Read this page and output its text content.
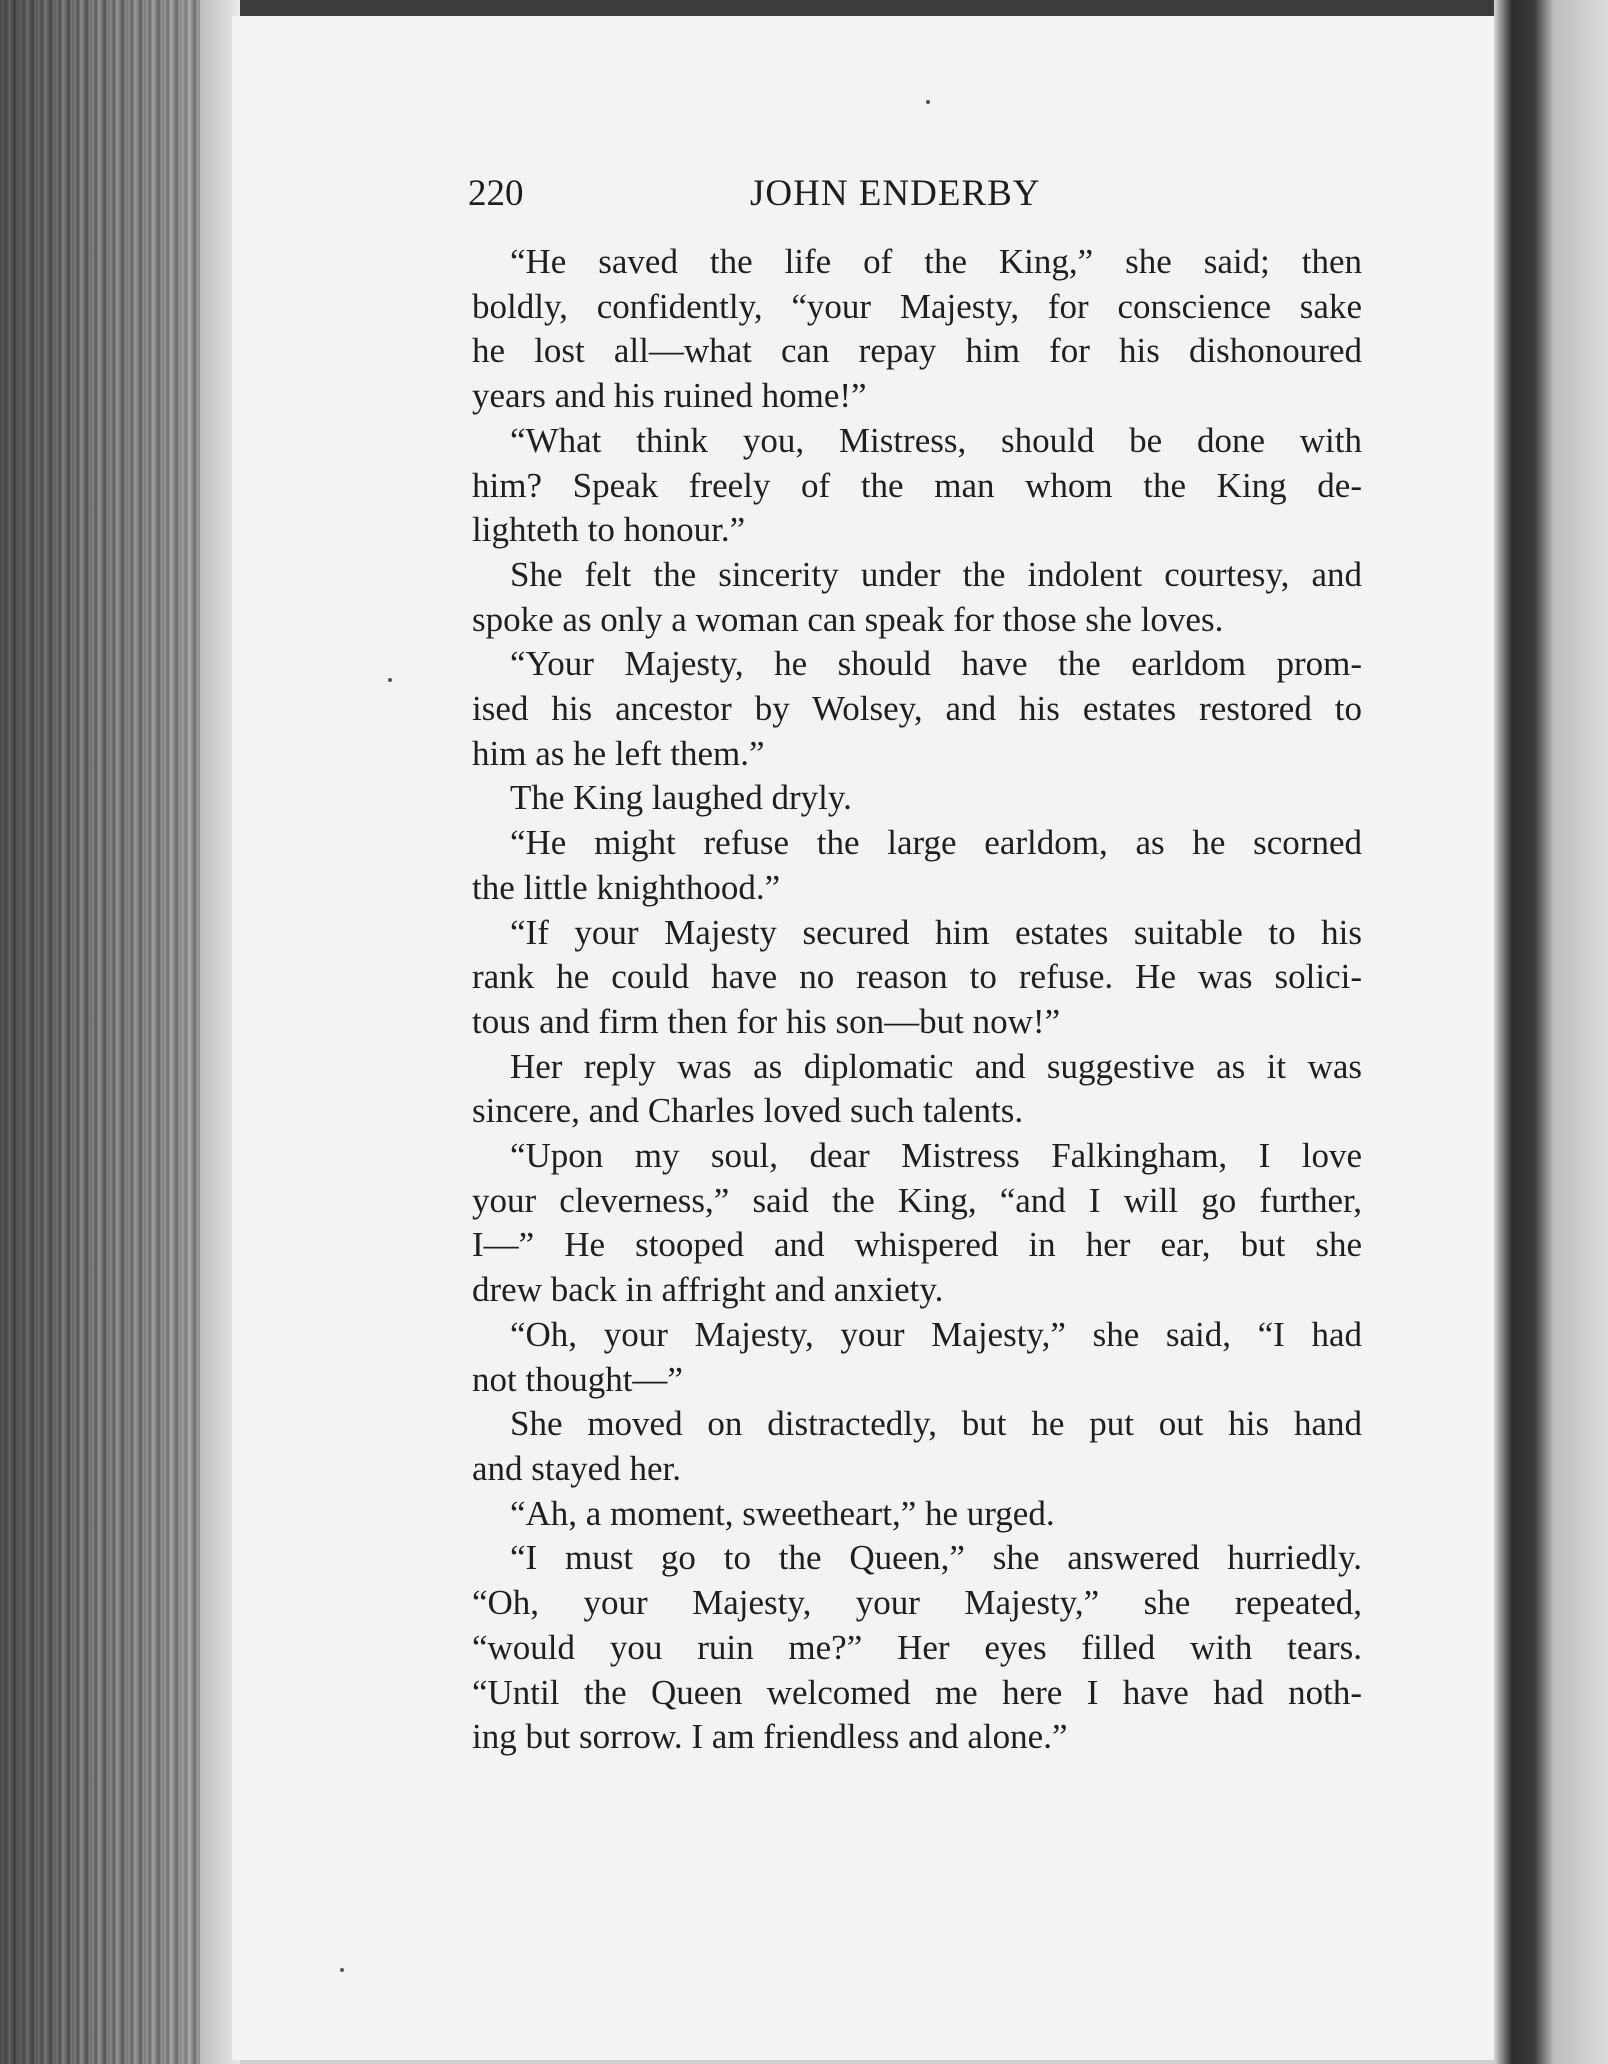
220	JOHN ENDERBY
“He saved the life of the King,” she said; then
boldly, confidently, “your Majesty, for conscience sake
he lost all—what can repay him for his dishonoured
years and his ruined home!”
“What think you, Mistress, should be done with
him? Speak freely of the man whom the King de-
lighteth to honour.”
She felt the sincerity under the indolent courtesy, and
spoke as only a woman can speak for those she loves.
“Your Majesty, he should have the earldom prom-
ised his ancestor by Wolsey, and his estates restored to
him as he left them.”
The King laughed dryly.
“He might refuse the large earldom, as he scorned
the little knighthood.”
“If your Majesty secured him estates suitable to his
rank he could have no reason to refuse. He was solici-
tous and firm then for his son—but now!”
Her reply was as diplomatic and suggestive as it was
sincere, and Charles loved such talents.
“Upon my soul, dear Mistress Falkingham, I love
your cleverness,” said the King, “and I will go further,
I—” He stooped and whispered in her ear, but she
drew back in affright and anxiety.
“Oh, your Majesty, your Majesty,” she said, “I had
not thought—”
She moved on distractedly, but he put out his hand
and stayed her.
“Ah, a moment, sweetheart,” he urged.
“I must go to the Queen,” she answered hurriedly.
“Oh, your Majesty, your Majesty,” she repeated,
“would you ruin me?” Her eyes filled with tears.
“Until the Queen welcomed me here I have had noth-
ing but sorrow. I am friendless and alone.”
